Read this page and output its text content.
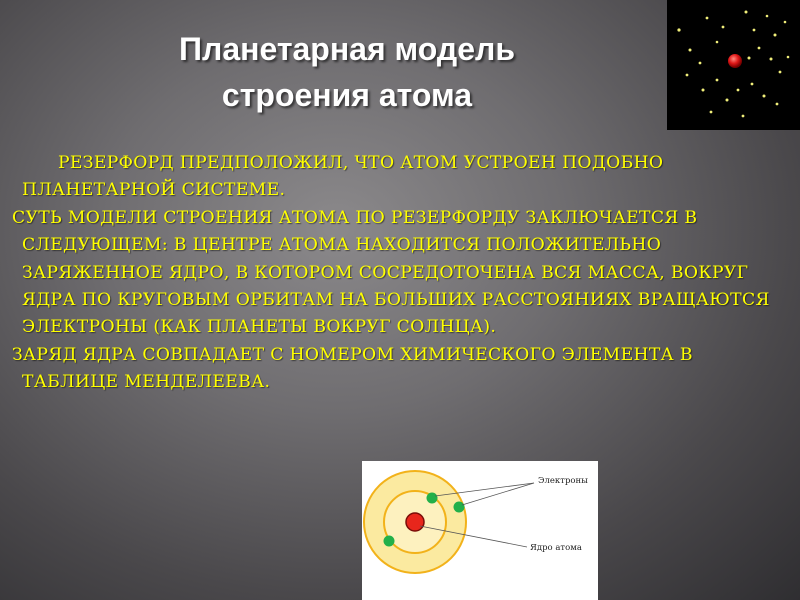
Планетарная модель
строения атома

РЕЗЕРФОРД ПРЕДПОЛОЖИЛ, ЧТО АТОМ УСТРОЕН ПОДОБНО ПЛАНЕТАРНОЙ СИСТЕМЕ.

СУТЬ МОДЕЛИ СТРОЕНИЯ АТОМА ПО РЕЗЕРФОРДУ ЗАКЛЮЧАЕТСЯ В СЛЕДУЮЩЕМ: В ЦЕНТРЕ АТОМА НАХОДИТСЯ ПОЛОЖИТЕЛЬНО ЗАРЯЖЕННОЕ ЯДРО, В КОТОРОМ СОСРЕДОТОЧЕНА ВСЯ МАССА, ВОКРУГ ЯДРА ПО КРУГОВЫМ ОРБИТАМ НА БОЛЬШИХ РАССТОЯНИЯХ ВРАЩАЮТСЯ ЭЛЕКТРОНЫ (КАК ПЛАНЕТЫ ВОКРУГ СОЛНЦА).

ЗАРЯД ЯДРА СОВПАДАЕТ С НОМЕРОМ ХИМИЧЕСКОГО ЭЛЕМЕНТА В ТАБЛИЦЕ МЕНДЕЛЕЕВА.

Электроны
Ядро атома
